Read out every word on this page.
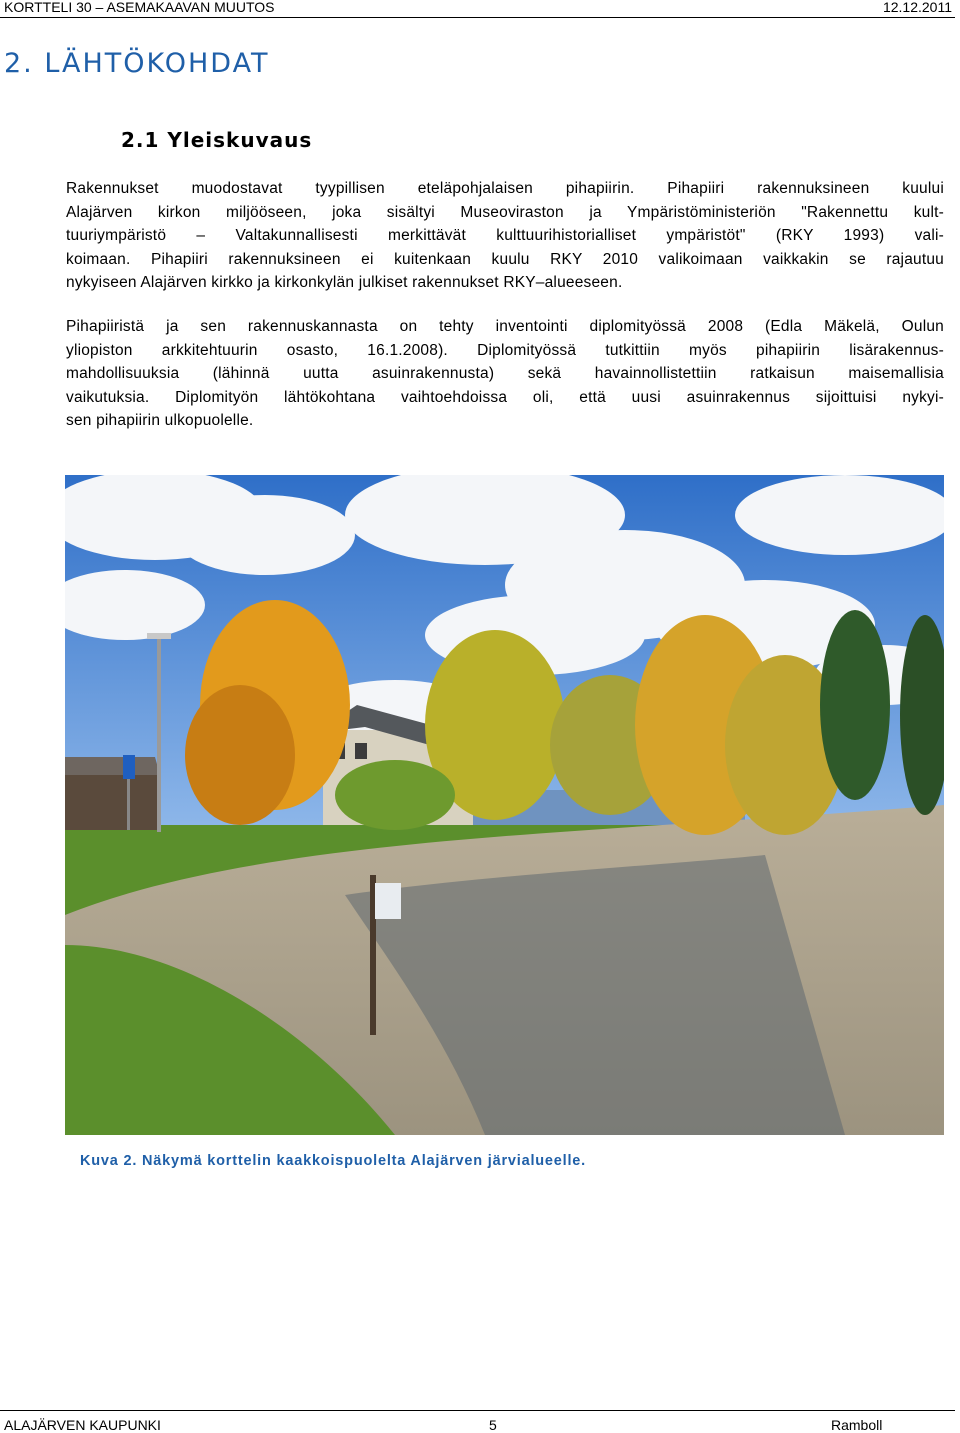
KORTTELI 30 – ASEMAKAAVAN MUUTOS	12.12.2011
2. LÄHTÖKOHDAT
2.1 Yleiskuvaus
Rakennukset muodostavat tyypillisen eteläpohjalaisen pihapiirin. Pihapiiri rakennuksineen kuului
Alajärven kirkon miljööseen, joka sisältyi Museoviraston ja Ympäristöministeriön "Rakennettu kult-
tuuriympäristö – Valtakunnallisesti merkittävät kulttuurihistorialliset ympäristöt" (RKY 1993) vali-
koimaan. Pihapiiri rakennuksineen ei kuitenkaan kuulu RKY 2010 valikoimaan vaikkakin se rajautuu
nykyiseen Alajärven kirkko ja kirkonkylän julkiset rakennukset RKY–alueeseen.
Pihapiiristä ja sen rakennuskannasta on tehty inventointi diplomityössä 2008 (Edla Mäkelä, Oulun
yliopiston arkkitehtuurin osasto, 16.1.2008). Diplomityössä tutkittiin myös pihapiirin lisärakennus-
mahdollisuuksia (lähinnä uutta asuinrakennusta) sekä havainnollistettiin ratkaisun maisemallisia
vaikutuksia. Diplomityön lähtökohtana vaihtoehdoissa oli, että uusi asuinrakennus sijoittuisi nykyi-
sen pihapiirin ulkopuolelle.
Kuva 2. Näkymä korttelin kaakkoispuolelta Alajärven järvialueelle.
ALAJÄRVEN KAUPUNKI	5	Ramboll
